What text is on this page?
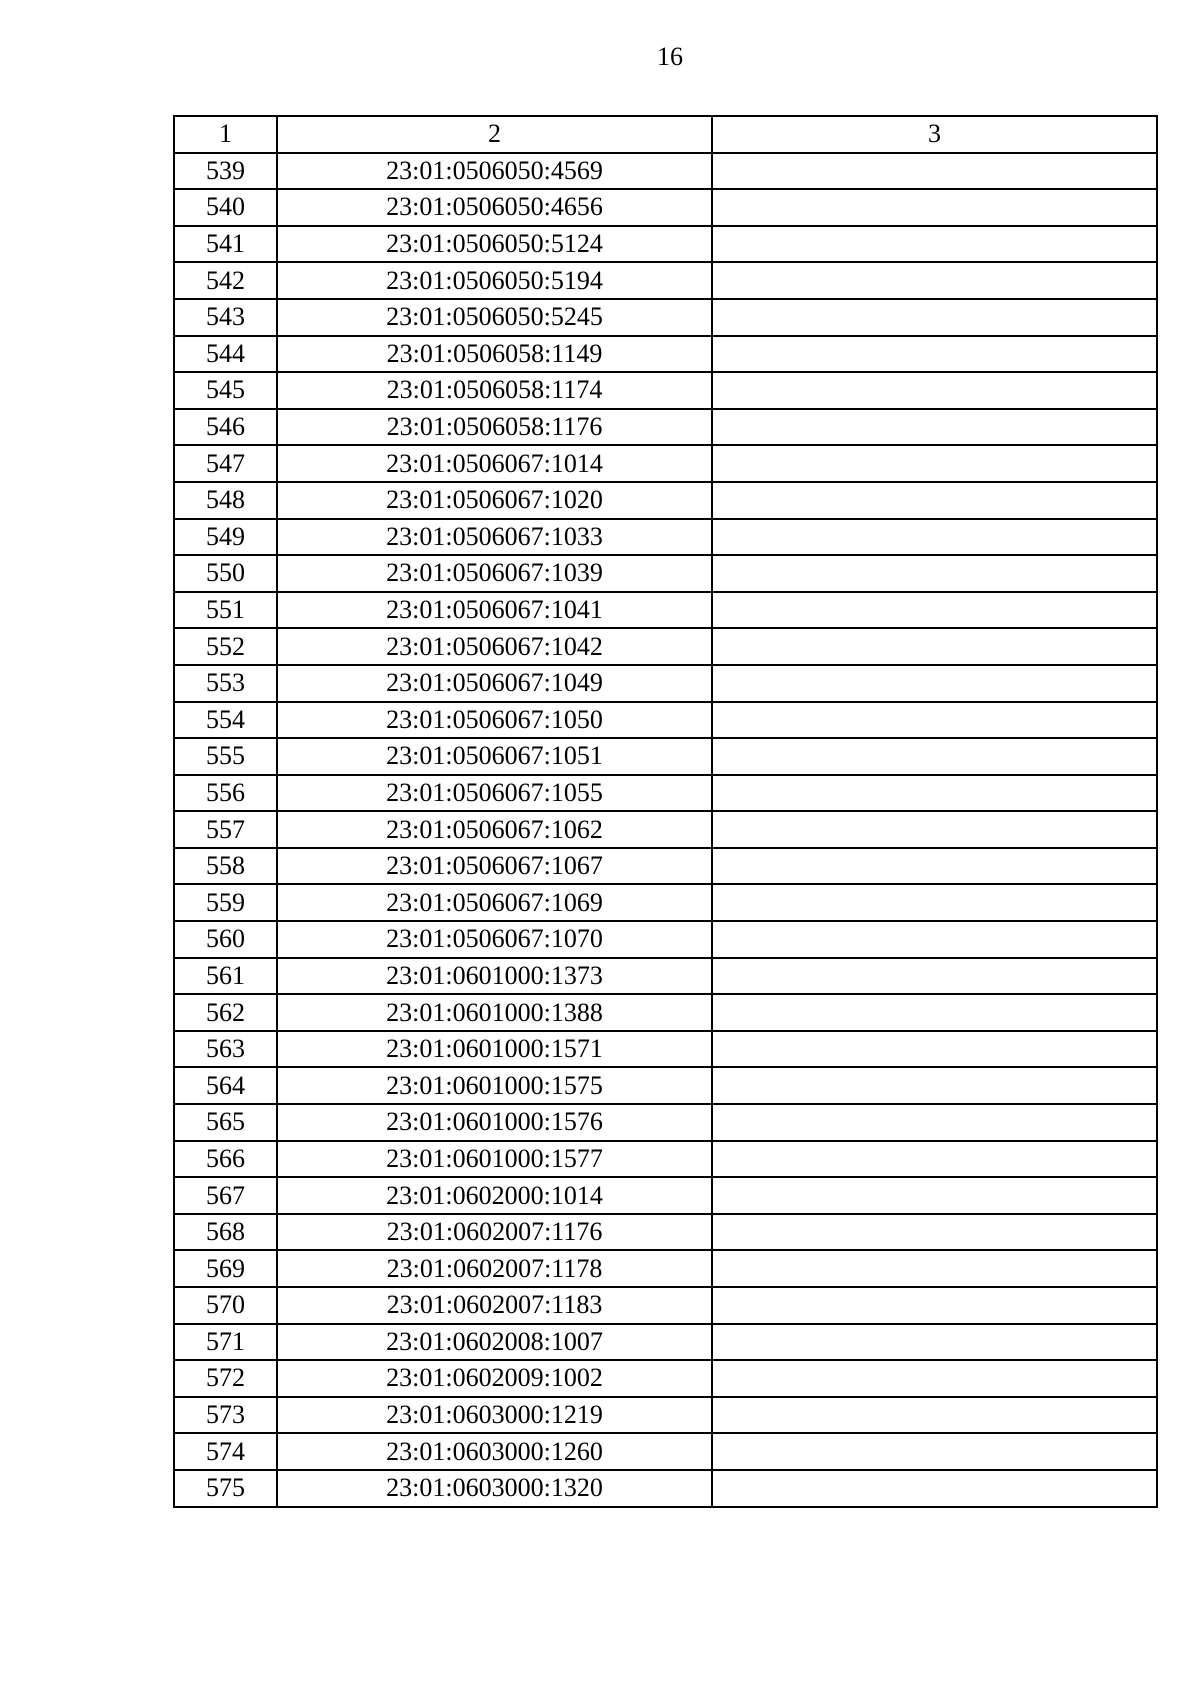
16
1	2	3
539	23:01:0506050:4569	
540	23:01:0506050:4656	
541	23:01:0506050:5124	
542	23:01:0506050:5194	
543	23:01:0506050:5245	
544	23:01:0506058:1149	
545	23:01:0506058:1174	
546	23:01:0506058:1176	
547	23:01:0506067:1014	
548	23:01:0506067:1020	
549	23:01:0506067:1033	
550	23:01:0506067:1039	
551	23:01:0506067:1041	
552	23:01:0506067:1042	
553	23:01:0506067:1049	
554	23:01:0506067:1050	
555	23:01:0506067:1051	
556	23:01:0506067:1055	
557	23:01:0506067:1062	
558	23:01:0506067:1067	
559	23:01:0506067:1069	
560	23:01:0506067:1070	
561	23:01:0601000:1373	
562	23:01:0601000:1388	
563	23:01:0601000:1571	
564	23:01:0601000:1575	
565	23:01:0601000:1576	
566	23:01:0601000:1577	
567	23:01:0602000:1014	
568	23:01:0602007:1176	
569	23:01:0602007:1178	
570	23:01:0602007:1183	
571	23:01:0602008:1007	
572	23:01:0602009:1002	
573	23:01:0603000:1219	
574	23:01:0603000:1260	
575	23:01:0603000:1320	
